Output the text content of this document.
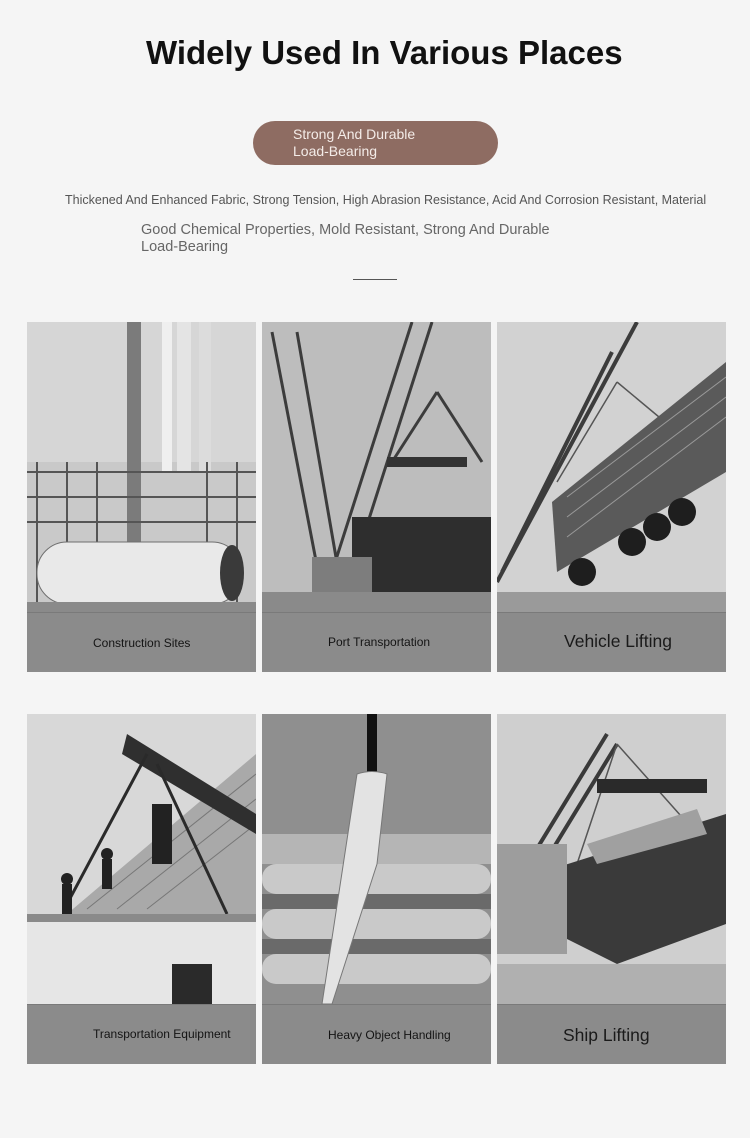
Widely Used In Various Places
Strong And Durable
Load-Bearing
Thickened And Enhanced Fabric, Strong Tension, High Abrasion Resistance, Acid And Corrosion Resistant, Material
Good Chemical Properties, Mold Resistant, Strong And Durable Load-Bearing
Construction Sites	Port Transportation	Vehicle Lifting
Transportation Equipment	Heavy Object Handling	Ship Lifting
